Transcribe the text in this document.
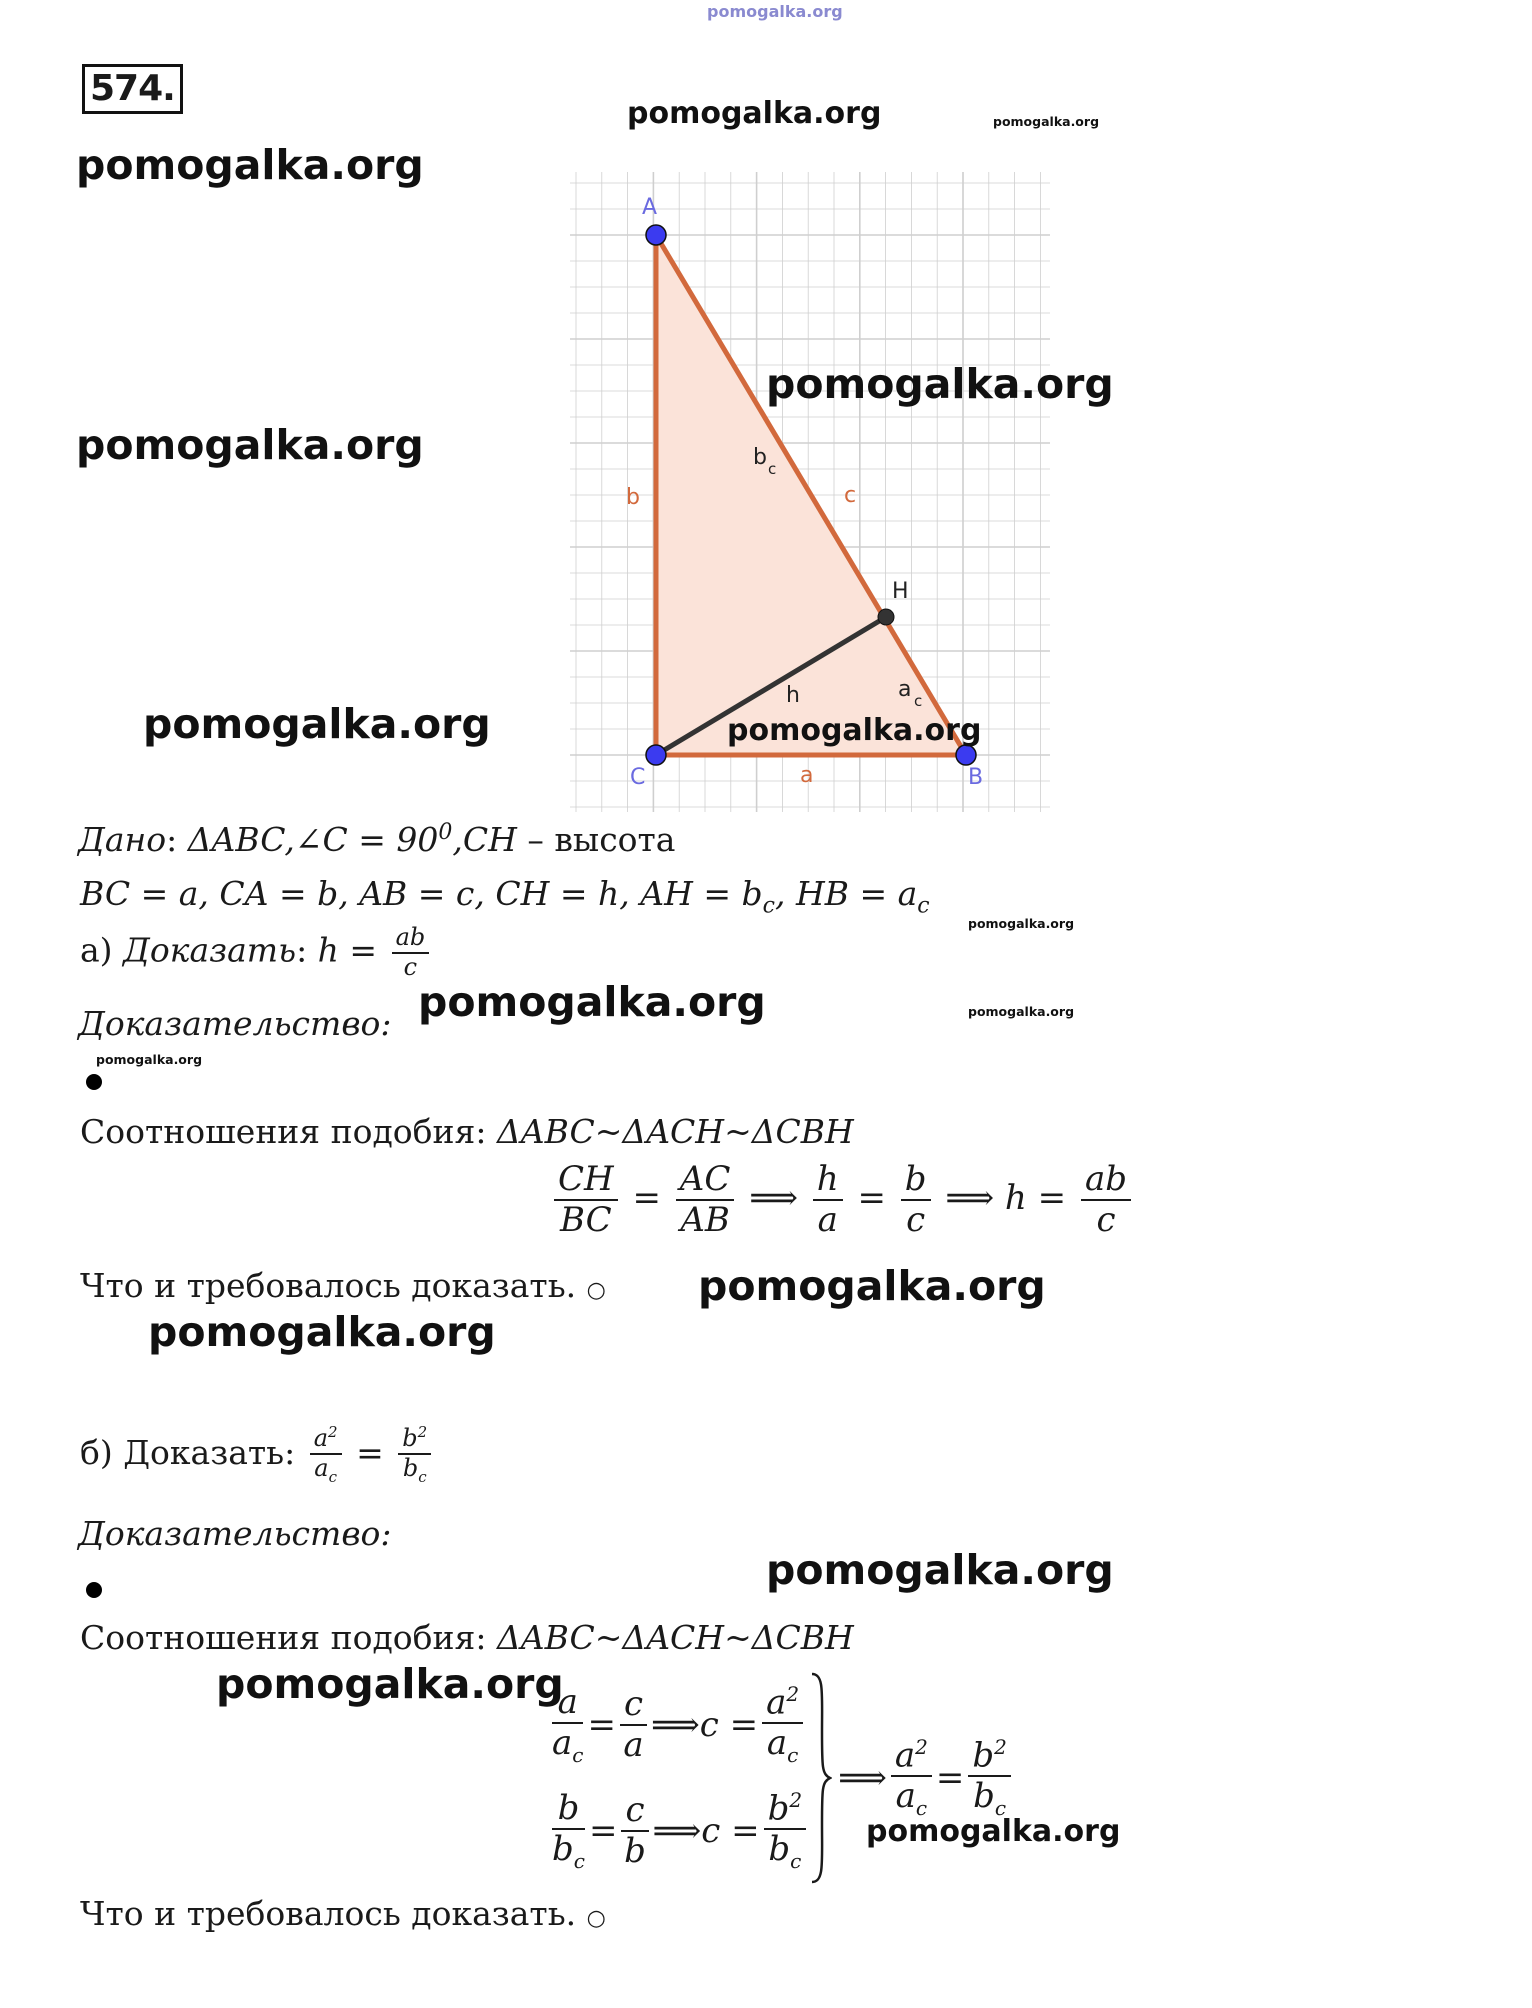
pomogalka.org
574.
pomogalka.org	pomogalka.org
pomogalka.org
pomogalka.org
pomogalka.org
A
B
C
H
a
b	c
h
b c
a c
pomogalka.org
pomogalka.org
Дано: ΔABC,∠C = $90^0,CH$ – высота
BC = a, CA = b, AB = c, CH = h, AH = $b_c$, HB = $a_c$
pomogalka.org
а) Доказать: $h = \frac{ab}{c}$
pomogalka.org	pomogalka.org
Доказательство:
pomogalka.org
Соотношения подобия: ΔABC~ΔACH~ΔCBH
$\frac{CH}{BC} = \frac{AC}{AB}$ ⟹ $\frac{h}{a} = \frac{b}{c}$ ⟹ $h = \frac{ab}{c}$
Что и требовалось доказать. ○ pomogalka.org
pomogalka.org
б) Доказать: $\frac{a^2}{a_c} = \frac{b^2}{b_c}$
Доказательство:
pomogalka.org
Соотношения подобия: ΔABC~ΔACH~ΔCBH
pomogalka.org
$\frac{a}{a_c} = \frac{c}{a}$ ⟹ $c = \frac{a^2}{a_c}$
$\frac{b}{b_c} = \frac{c}{b}$ ⟹ $c = \frac{b^2}{b_c}$
⟹ $\frac{a^2}{a_c} = \frac{b^2}{b_c}$
pomogalka.org
Что и требовалось доказать. ○
